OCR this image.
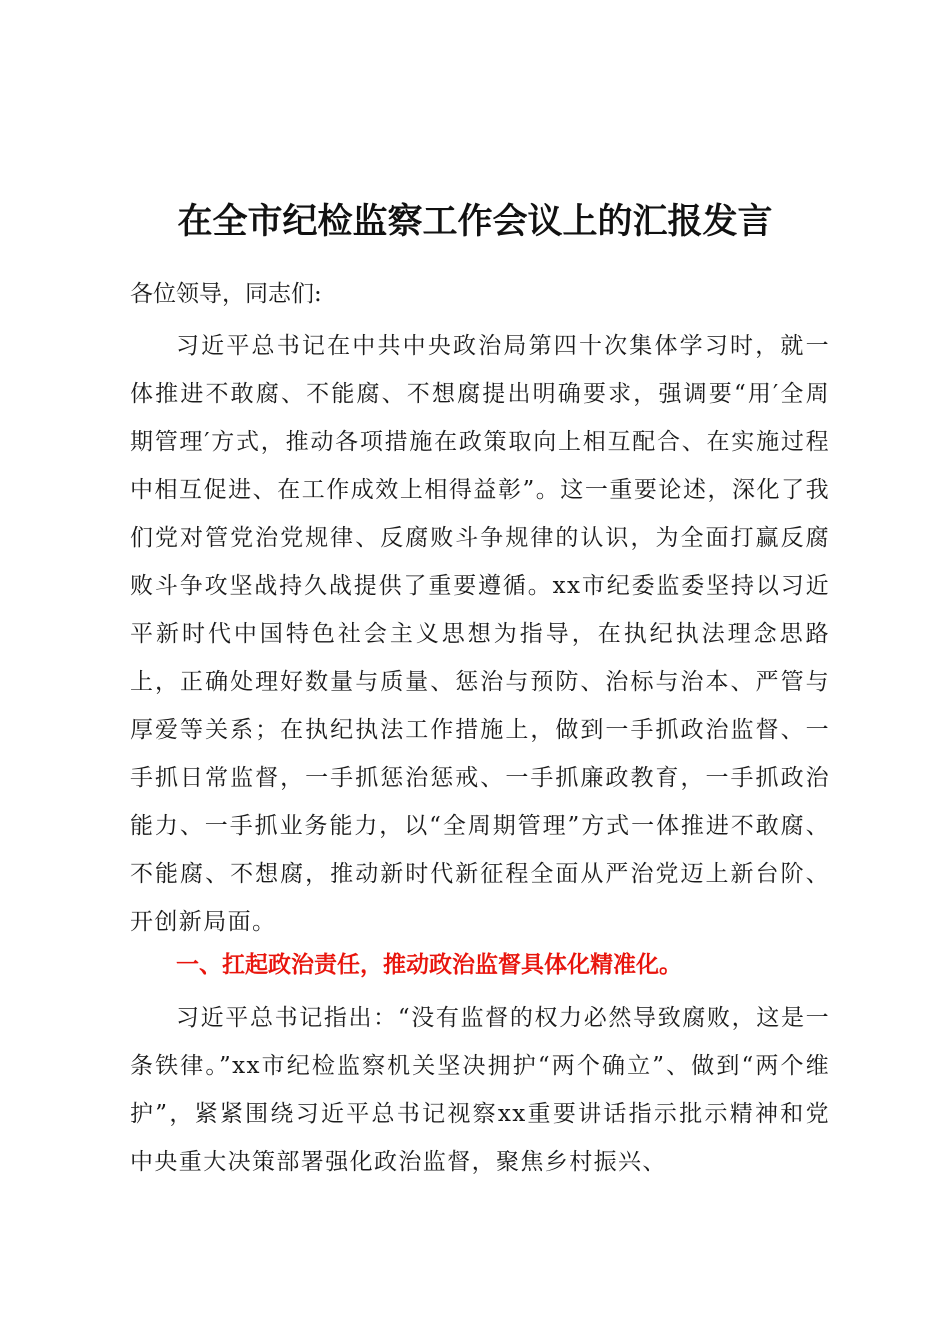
在全市纪检监察工作会议上的汇报发言
各位领导，同志们:

习近平总书记在中共中央政治局第四十次集体学习时，就一体推进不敢腐、不能腐、不想腐提出明确要求，强调要“用′全周期管理′方式，推动各项措施在政策取向上相互配合、在实施过程中相互促进、在工作成效上相得益彰”。这一重要论述，深化了我们党对管党治党规律、反腐败斗争规律的认识，为全面打赢反腐败斗争攻坚战持久战提供了重要遵循。xx市纪委监委坚持以习近平新时代中国特色社会主义思想为指导，在执纪执法理念思路上，正确处理好数量与质量、惩治与预防、治标与治本、严管与厚爱等关系；在执纪执法工作措施上，做到一手抓政治监督、一手抓日常监督，一手抓惩治惩戒、一手抓廉政教育，一手抓政治能力、一手抓业务能力，以“全周期管理”方式一体推进不敢腐、不能腐、不想腐，推动新时代新征程全面从严治党迈上新台阶、开创新局面。

一、扛起政治责任，推动政治监督具体化精准化。

习近平总书记指出：“没有监督的权力必然导致腐败，这是一条铁律。”xx市纪检监察机关坚决拥护“两个确立”、做到“两个维护”，紧紧围绕习近平总书记视察xx重要讲话指示批示精神和党中央重大决策部署强化政治监督，聚焦乡村振兴、
